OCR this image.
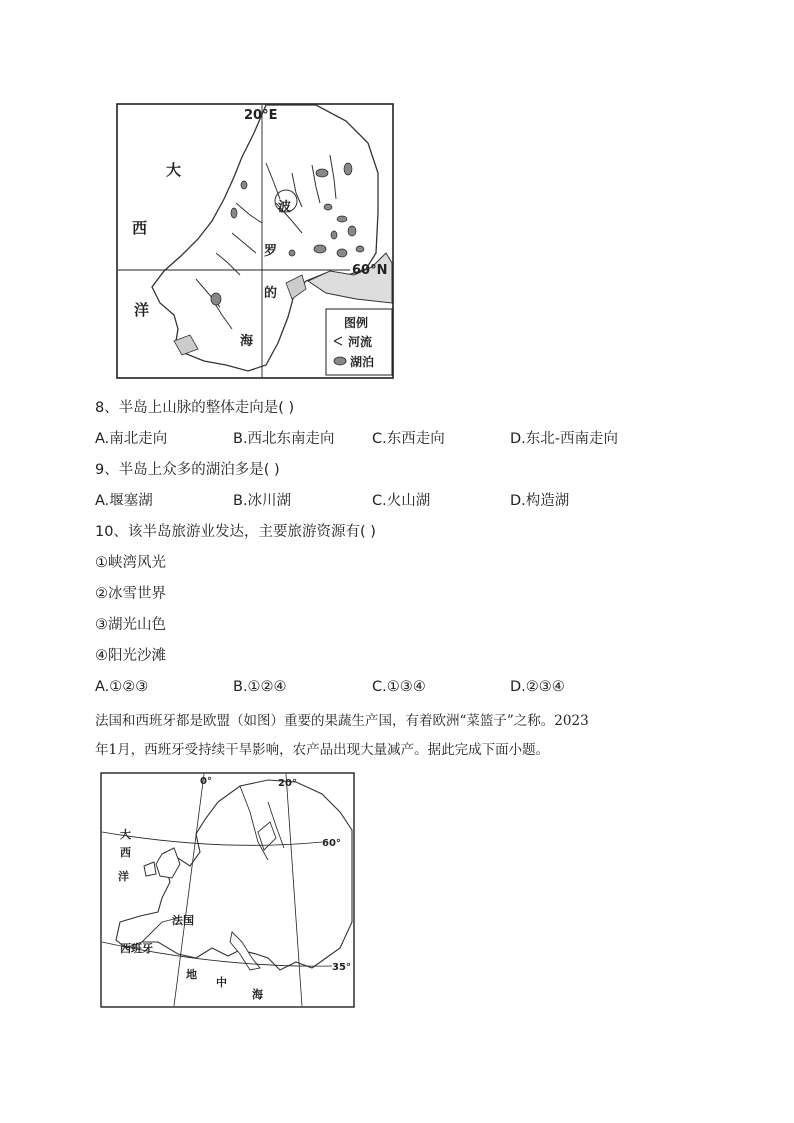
20°E
60°N
大
西
洋
波
罗
的
海
图例
河流
湖泊
8、半岛上山脉的整体走向是( )
A.南北走向	B.西北东南走向	C.东西走向	D.东北-西南走向
9、半岛上众多的湖泊多是( )
A.堰塞湖	B.冰川湖	C.火山湖	D.构造湖
10、该半岛旅游业发达，主要旅游资源有( )
①峡湾风光
②冰雪世界
③湖光山色
④阳光沙滩
A.①②③	B.①②④	C.①③④	D.②③④
法国和西班牙都是欧盟（如图）重要的果蔬生产国，有着欧洲“菜篮子”之称。2023
年1月，西班牙受持续干旱影响，农产品出现大量减产。据此完成下面小题。
0°	20°
60°
35°
大
西
洋
法国
西班牙
地
中
海
